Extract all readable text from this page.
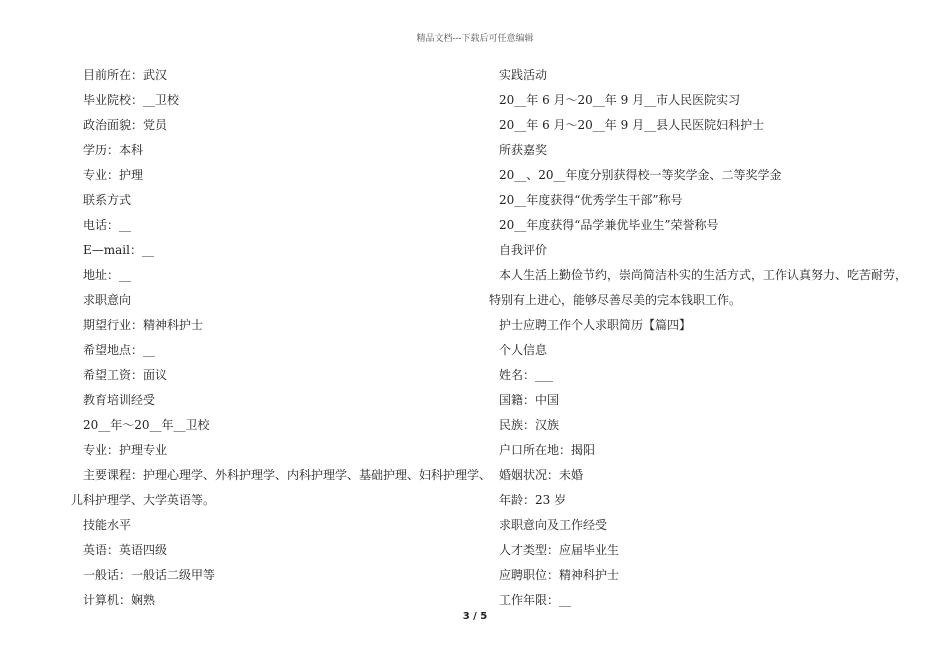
精品文档---下载后可任意编辑
目前所在：武汉
毕业院校：__卫校
政治面貌：党员
学历：本科
专业：护理
联系方式
电话：__
E—mail：__
地址：__
求职意向
期望行业：精神科护士
希望地点：__
希望工资：面议
教育培训经受
20__年～20__年__卫校
专业：护理专业
主要课程：护理心理学、外科护理学、内科护理学、基础护理、妇科护理学、
儿科护理学、大学英语等。
技能水平
英语：英语四级
一般话：一般话二级甲等
计算机：娴熟
实践活动
20__年 6 月～20__年 9 月__市人民医院实习
20__年 6 月～20__年 9 月__县人民医院妇科护士
所获嘉奖
20__、20__年度分别获得校一等奖学金、二等奖学金
20__年度获得“优秀学生干部”称号
20__年度获得“品学兼优毕业生”荣誉称号
自我评价
本人生活上勤俭节约，崇尚简洁朴实的生活方式，工作认真努力、吃苦耐劳，
特别有上进心，能够尽善尽美的完本钱职工作。
护士应聘工作个人求职简历【篇四】
个人信息
姓名：___
国籍：中国
民族：汉族
户口所在地：揭阳
婚姻状况：未婚
年龄：23 岁
求职意向及工作经受
人才类型：应届毕业生
应聘职位：精神科护士
工作年限：__
3 / 5
